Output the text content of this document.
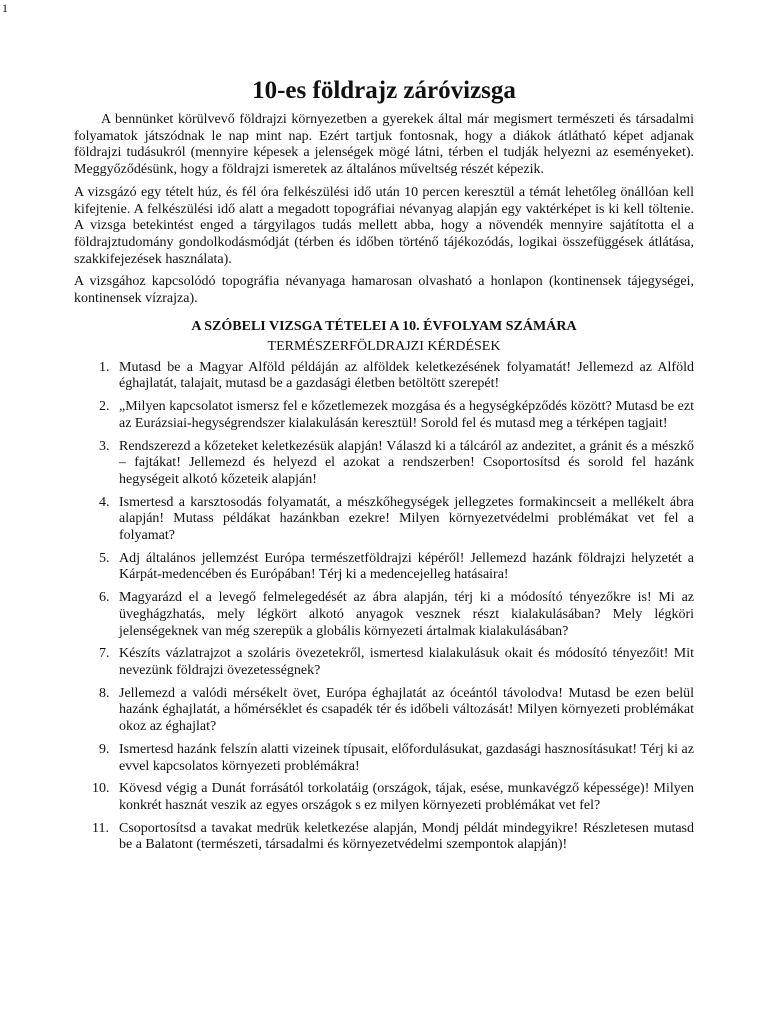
1
10-es földrajz záróvizsga

A bennünket körülvevő földrajzi környezetben a gyerekek által már megismert természeti és társadalmi folyamatok játszódnak le nap mint nap. Ezért tartjuk fontosnak, hogy a diákok átlátható képet adjanak földrajzi tudásukról (mennyire képesek a jelenségek mögé látni, térben el tudják helyezni az eseményeket). Meggyőződésünk, hogy a földrajzi ismeretek az általános műveltség részét képezik.

A vizsgázó egy tételt húz, és fél óra felkészülési idő után 10 percen keresztül a témát lehetőleg önállóan kell kifejtenie. A felkészülési idő alatt a megadott topográfiai névanyag alapján egy vaktérképet is ki kell töltenie. A vizsga betekintést enged a tárgyilagos tudás mellett abba, hogy a növendék mennyire sajátította el a földrajztudomány gondolkodásmódját (térben és időben történő tájékozódás, logikai összefüggések átlátása, szakkifejezések használata).

A vizsgához kapcsolódó topográfia névanyaga hamarosan olvasható a honlapon (kontinensek tájegységei, kontinensek vízrajza).

A SZÓBELI VIZSGA TÉTELEI A 10. ÉVFOLYAM SZÁMÁRA
TERMÉSZERFÖLDRAJZI KÉRDÉSEK
1. Mutasd be a Magyar Alföld példáján az alföldek keletkezésének folyamatát! Jellemezd az Alföld éghajlatát, talajait, mutasd be a gazdasági életben betöltött szerepét!
2. „Milyen kapcsolatot ismersz fel e kőzetlemezek mozgása és a hegységképződés között? Mutasd be ezt az Eurázsiai-hegységrendszer kialakulásán keresztül! Sorold fel és mutasd meg a térképen tagjait!
3. Rendszerezd a kőzeteket keletkezésük alapján! Válaszd ki a tálcáról az andezitet, a gránit és a mészkő – fajtákat! Jellemezd és helyezd el azokat a rendszerben! Csoportosítsd és sorold fel hazánk hegységeit alkotó kőzeteik alapján!
4. Ismertesd a karsztosodás folyamatát, a mészkőhegységek jellegzetes formakincseit a mellékelt ábra alapján! Mutass példákat hazánkban ezekre! Milyen környezetvédelmi problémákat vet fel a folyamat?
5. Adj általános jellemzést Európa természetföldrajzi képéről! Jellemezd hazánk földrajzi helyzetét a Kárpát-medencében és Európában! Térj ki a medencejelleg hatásaira!
6. Magyarázd el a levegő felmelegedését az ábra alapján, térj ki a módosító tényezőkre is! Mi az üveghágzhatás, mely légkört alkotó anyagok vesznek részt kialakulásában? Mely légköri jelenségeknek van még szerepük a globális környezeti ártalmak kialakulásában?
7. Készíts vázlatrajzot a szoláris övezetekről, ismertesd kialakulásuk okait és módosító tényezőit! Mit nevezünk földrajzi övezetességnek?
8. Jellemezd a valódi mérsékelt övet, Európa éghajlatát az óceántól távolodva! Mutasd be ezen belül hazánk éghajlatát, a hőmérséklet és csapadék tér és időbeli változását! Milyen környezeti problémákat okoz az éghajlat?
9. Ismertesd hazánk felszín alatti vizeinek típusait, előfordulásukat, gazdasági hasznosításukat! Térj ki az evvel kapcsolatos környezeti problémákra!
10. Kövesd végig a Dunát forrásától torkolatáig (országok, tájak, esése, munkavégző képessége)! Milyen konkrét hasznát veszik az egyes országok s ez milyen környezeti problémákat vet fel?
11. Csoportosítsd a tavakat medrük keletkezése alapján, Mondj példát mindegyikre! Részletesen mutasd be a Balatont (természeti, társadalmi és környezetvédelmi szempontok alapján)!
